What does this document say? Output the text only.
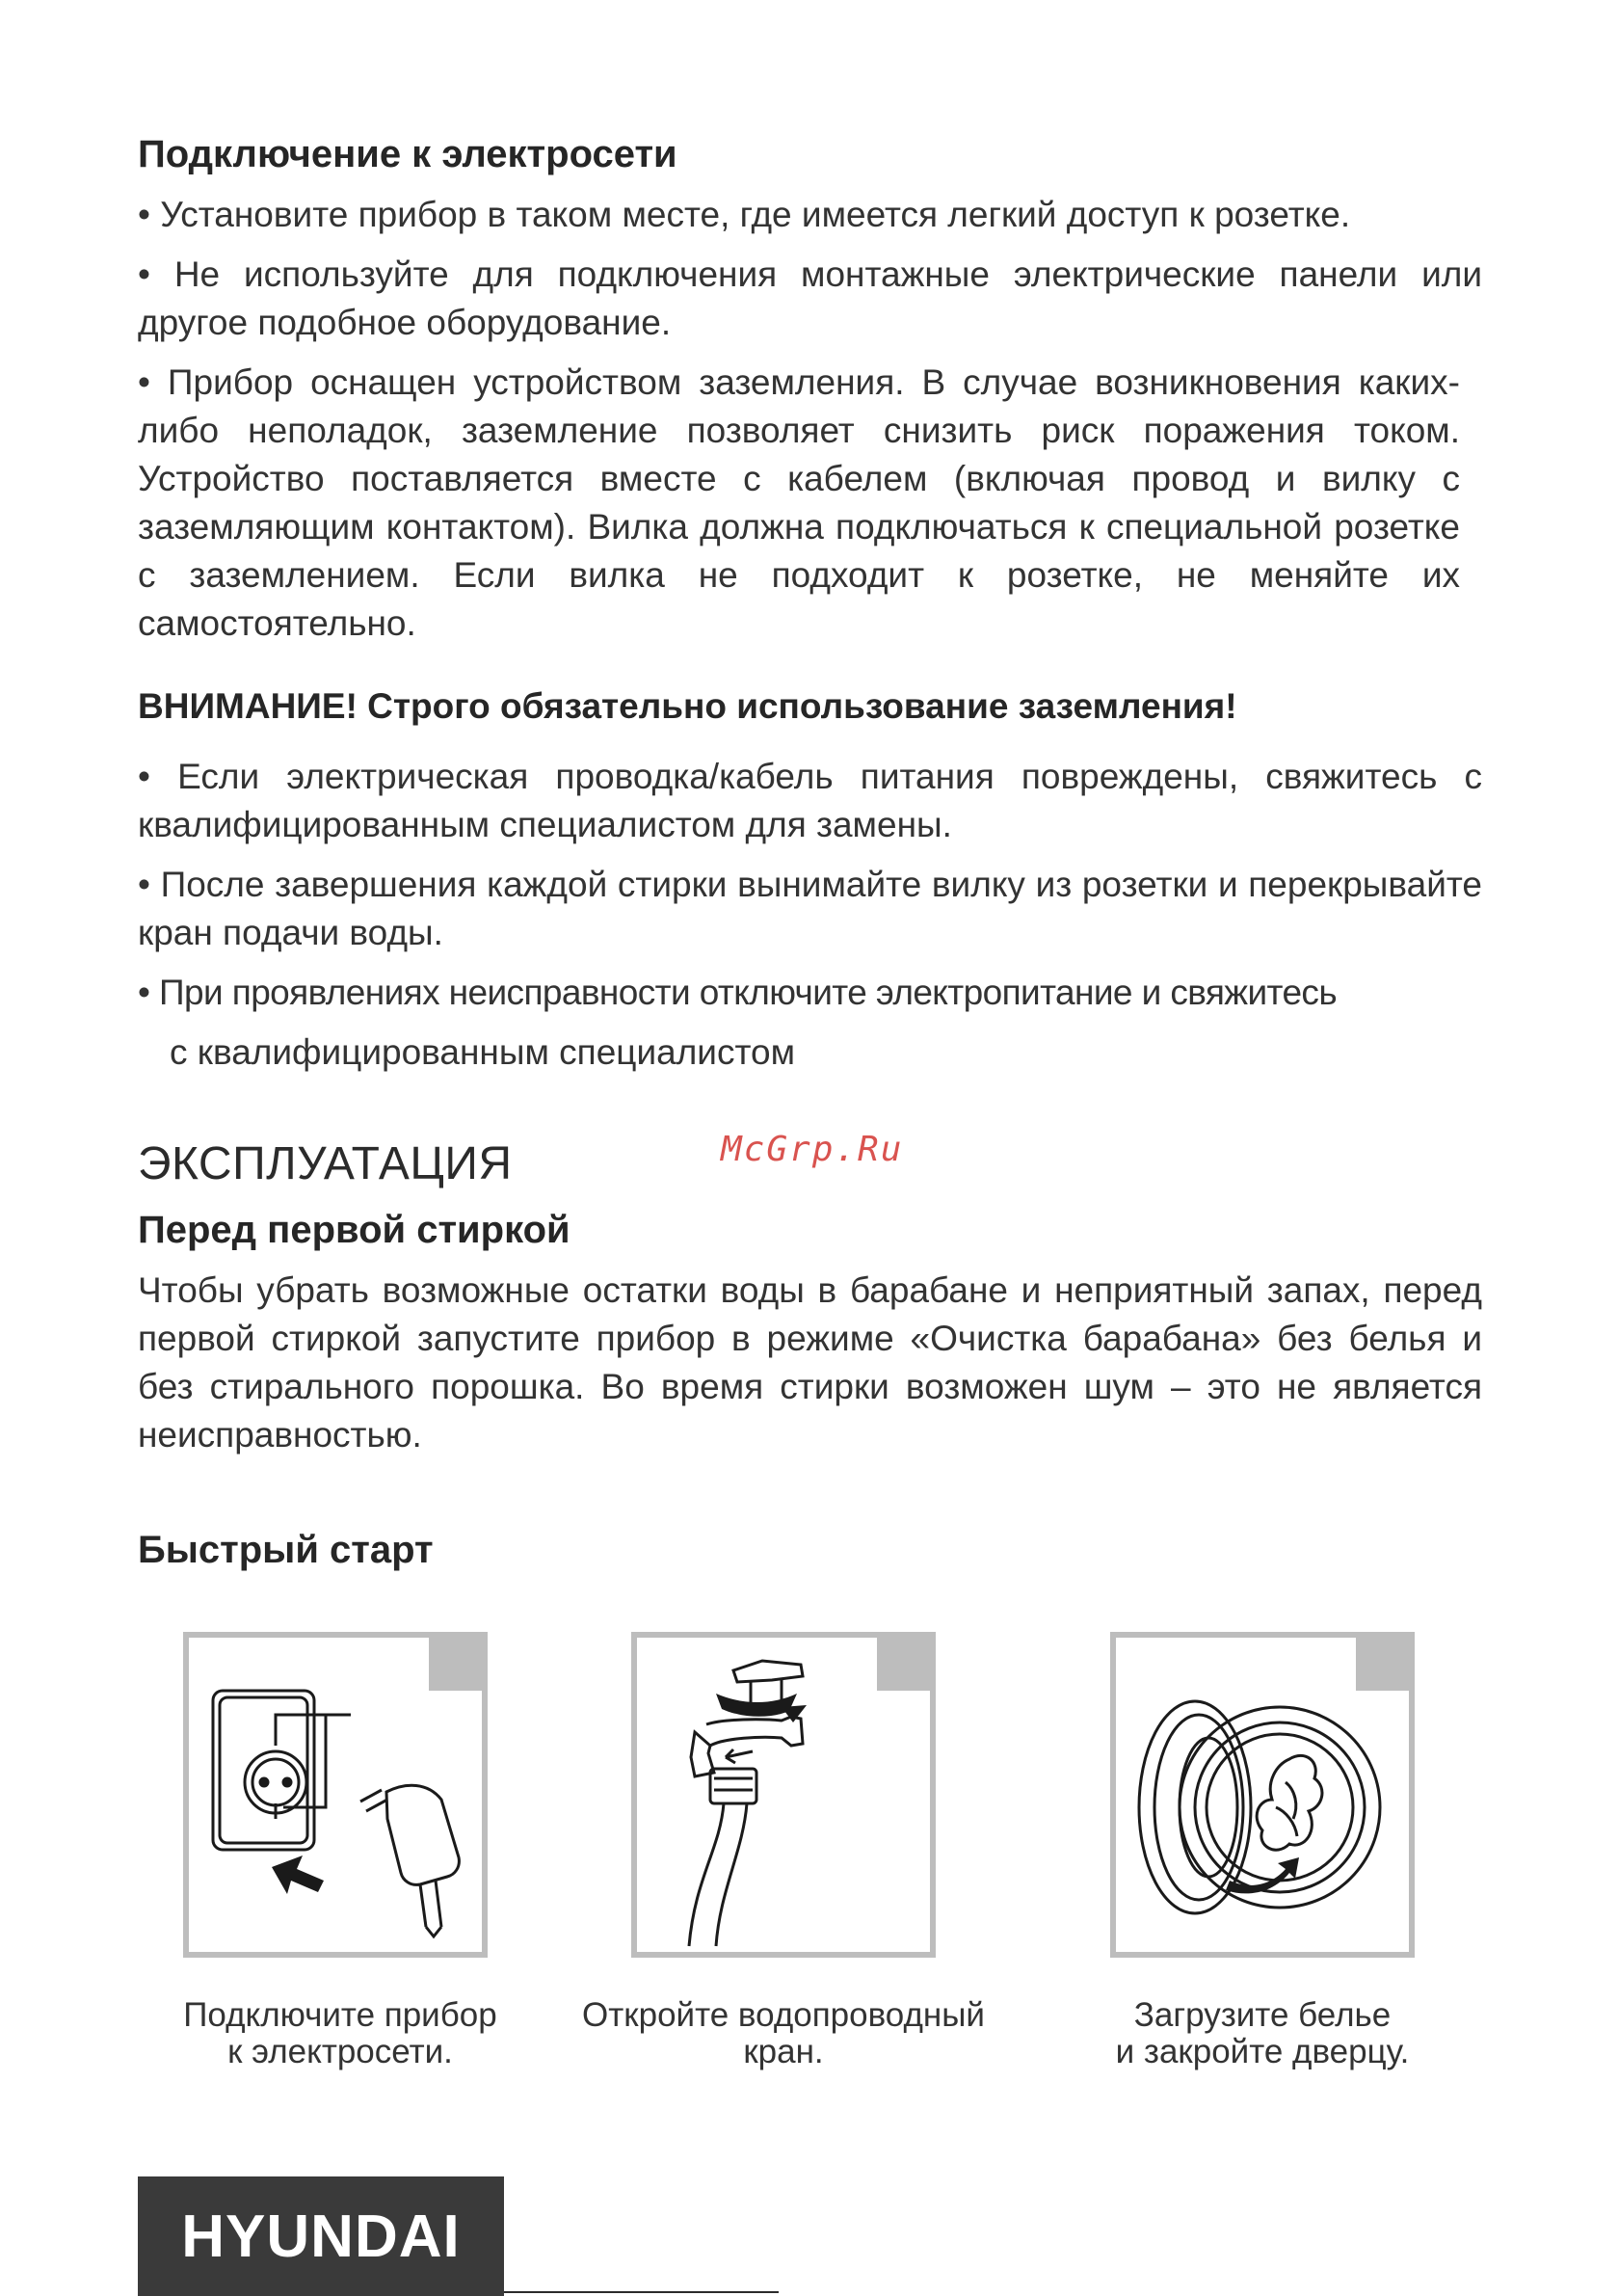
Подключение к электросети

• Установите прибор в таком месте, где имеется легкий доступ к розетке.

• Не используйте для подключения монтажные электрические панели или другое подобное оборудование.

• Прибор оснащен устройством заземления. В случае возникновения каких-либо неполадок, заземление позволяет снизить риск поражения током. Устройство поставляется вместе с кабелем (включая провод и вилку с заземляющим контактом). Вилка должна подключаться к специальной розетке с заземлением. Если вилка не подходит к розетке, не меняйте их самостоятельно.

ВНИМАНИЕ! Строго обязательно использование заземления!

• Если электрическая проводка/кабель питания повреждены, свяжитесь с квалифицированным специалистом для замены.

• После завершения каждой стирки вынимайте вилку из розетки и перекрывайте кран подачи воды.

• При проявлениях неисправности отключите электропитание и свяжитесь

с квалифицированным специалистом

ЭКСПЛУАТАЦИЯ	McGrp.Ru
Перед первой стиркой

Чтобы убрать возможные остатки воды в барабане и неприятный запах, перед первой стиркой запустите прибор в режиме «Очистка барабана» без белья и без стирального порошка. Во время стирки возможен шум – это не является неисправностью.

Быстрый старт
Подключите прибор
к электросети.
Откройте водопроводный
кран.
Загрузите белье
и закройте дверцу.
HYUNDAI
